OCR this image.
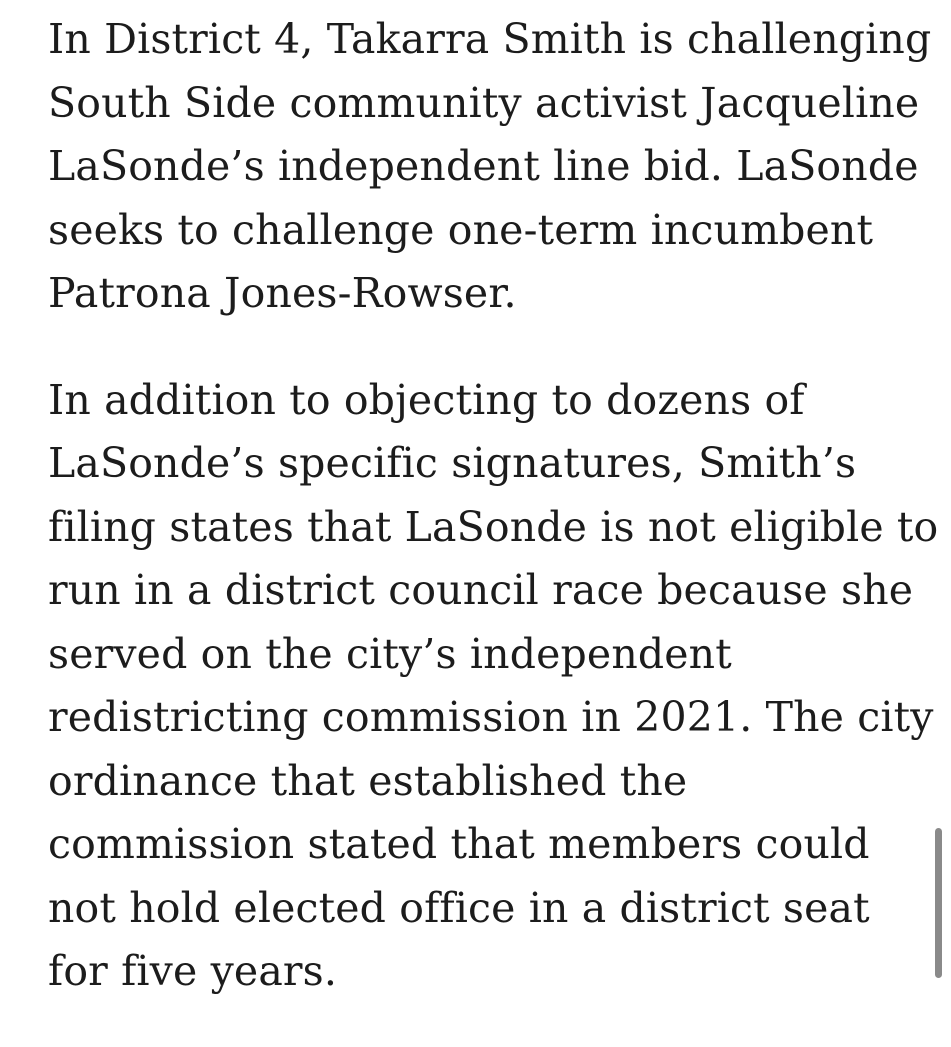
In District 4, Takarra Smith is challenging
South Side community activist Jacqueline
LaSonde’s independent line bid. LaSonde
seeks to challenge one-term incumbent
Patrona Jones-Rowser.

In addition to objecting to dozens of
LaSonde’s specific signatures, Smith’s
filing states that LaSonde is not eligible to
run in a district council race because she
served on the city’s independent
redistricting commission in 2021. The city
ordinance that established the
commission stated that members could
not hold elected office in a district seat
for five years.
